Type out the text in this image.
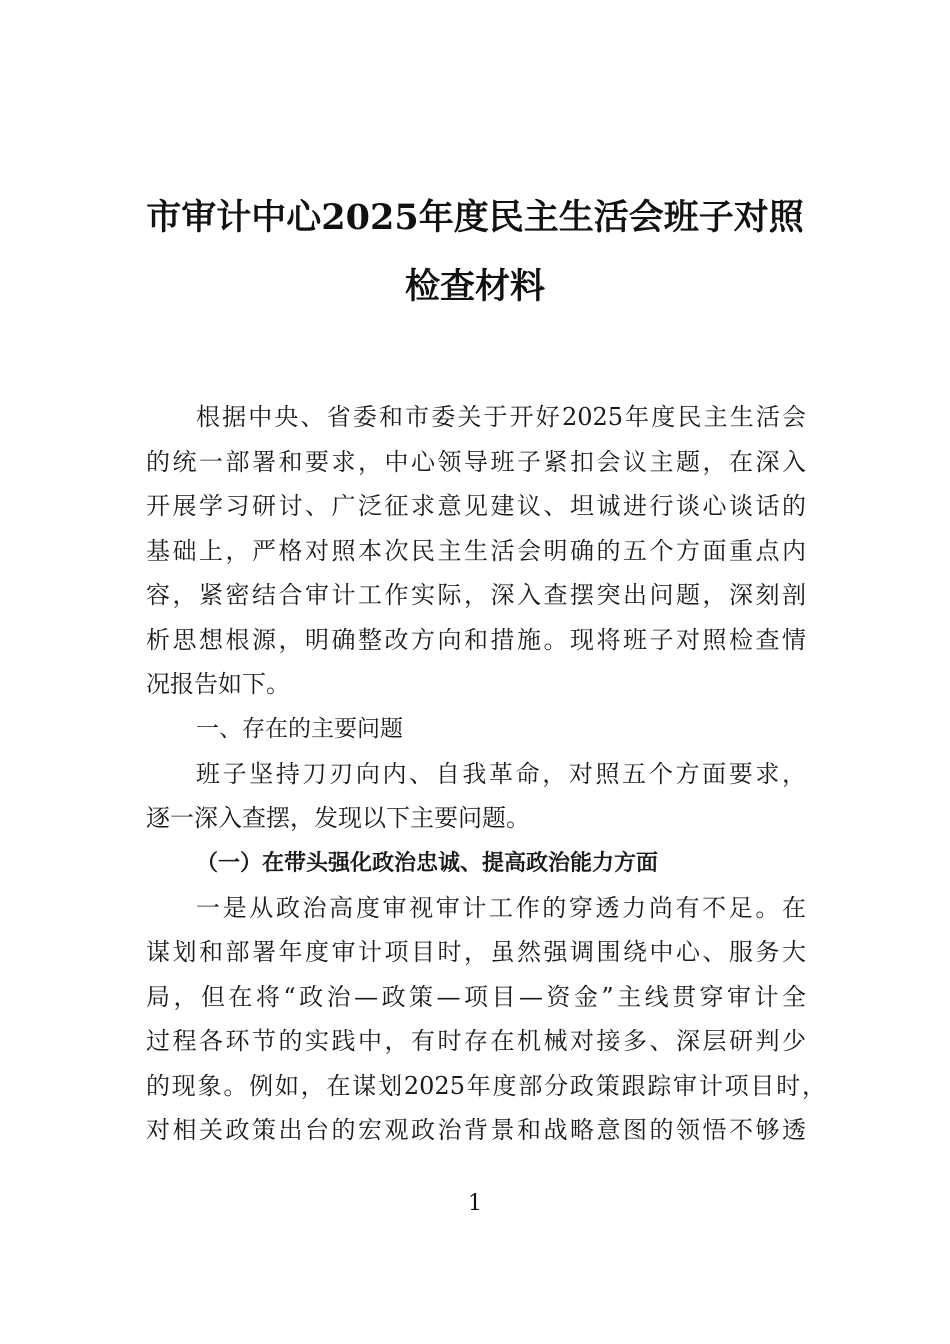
市审计中心2025年度民主生活会班子对照
检查材料
根据中央、省委和市委关于开好2025年度民主生活会
的统一部署和要求，中心领导班子紧扣会议主题，在深入
开展学习研讨、广泛征求意见建议、坦诚进行谈心谈话的
基础上，严格对照本次民主生活会明确的五个方面重点内
容，紧密结合审计工作实际，深入查摆突出问题，深刻剖
析思想根源，明确整改方向和措施。现将班子对照检查情
况报告如下。
一、存在的主要问题
班子坚持刀刃向内、自我革命，对照五个方面要求，
逐一深入查摆，发现以下主要问题。
（一）在带头强化政治忠诚、提高政治能力方面
一是从政治高度审视审计工作的穿透力尚有不足。在
谋划和部署年度审计项目时，虽然强调围绕中心、服务大
局，但在将“政治—政策—项目—资金”主线贯穿审计全
过程各环节的实践中，有时存在机械对接多、深层研判少
的现象。例如，在谋划2025年度部分政策跟踪审计项目时，
对相关政策出台的宏观政治背景和战略意图的领悟不够透
1
